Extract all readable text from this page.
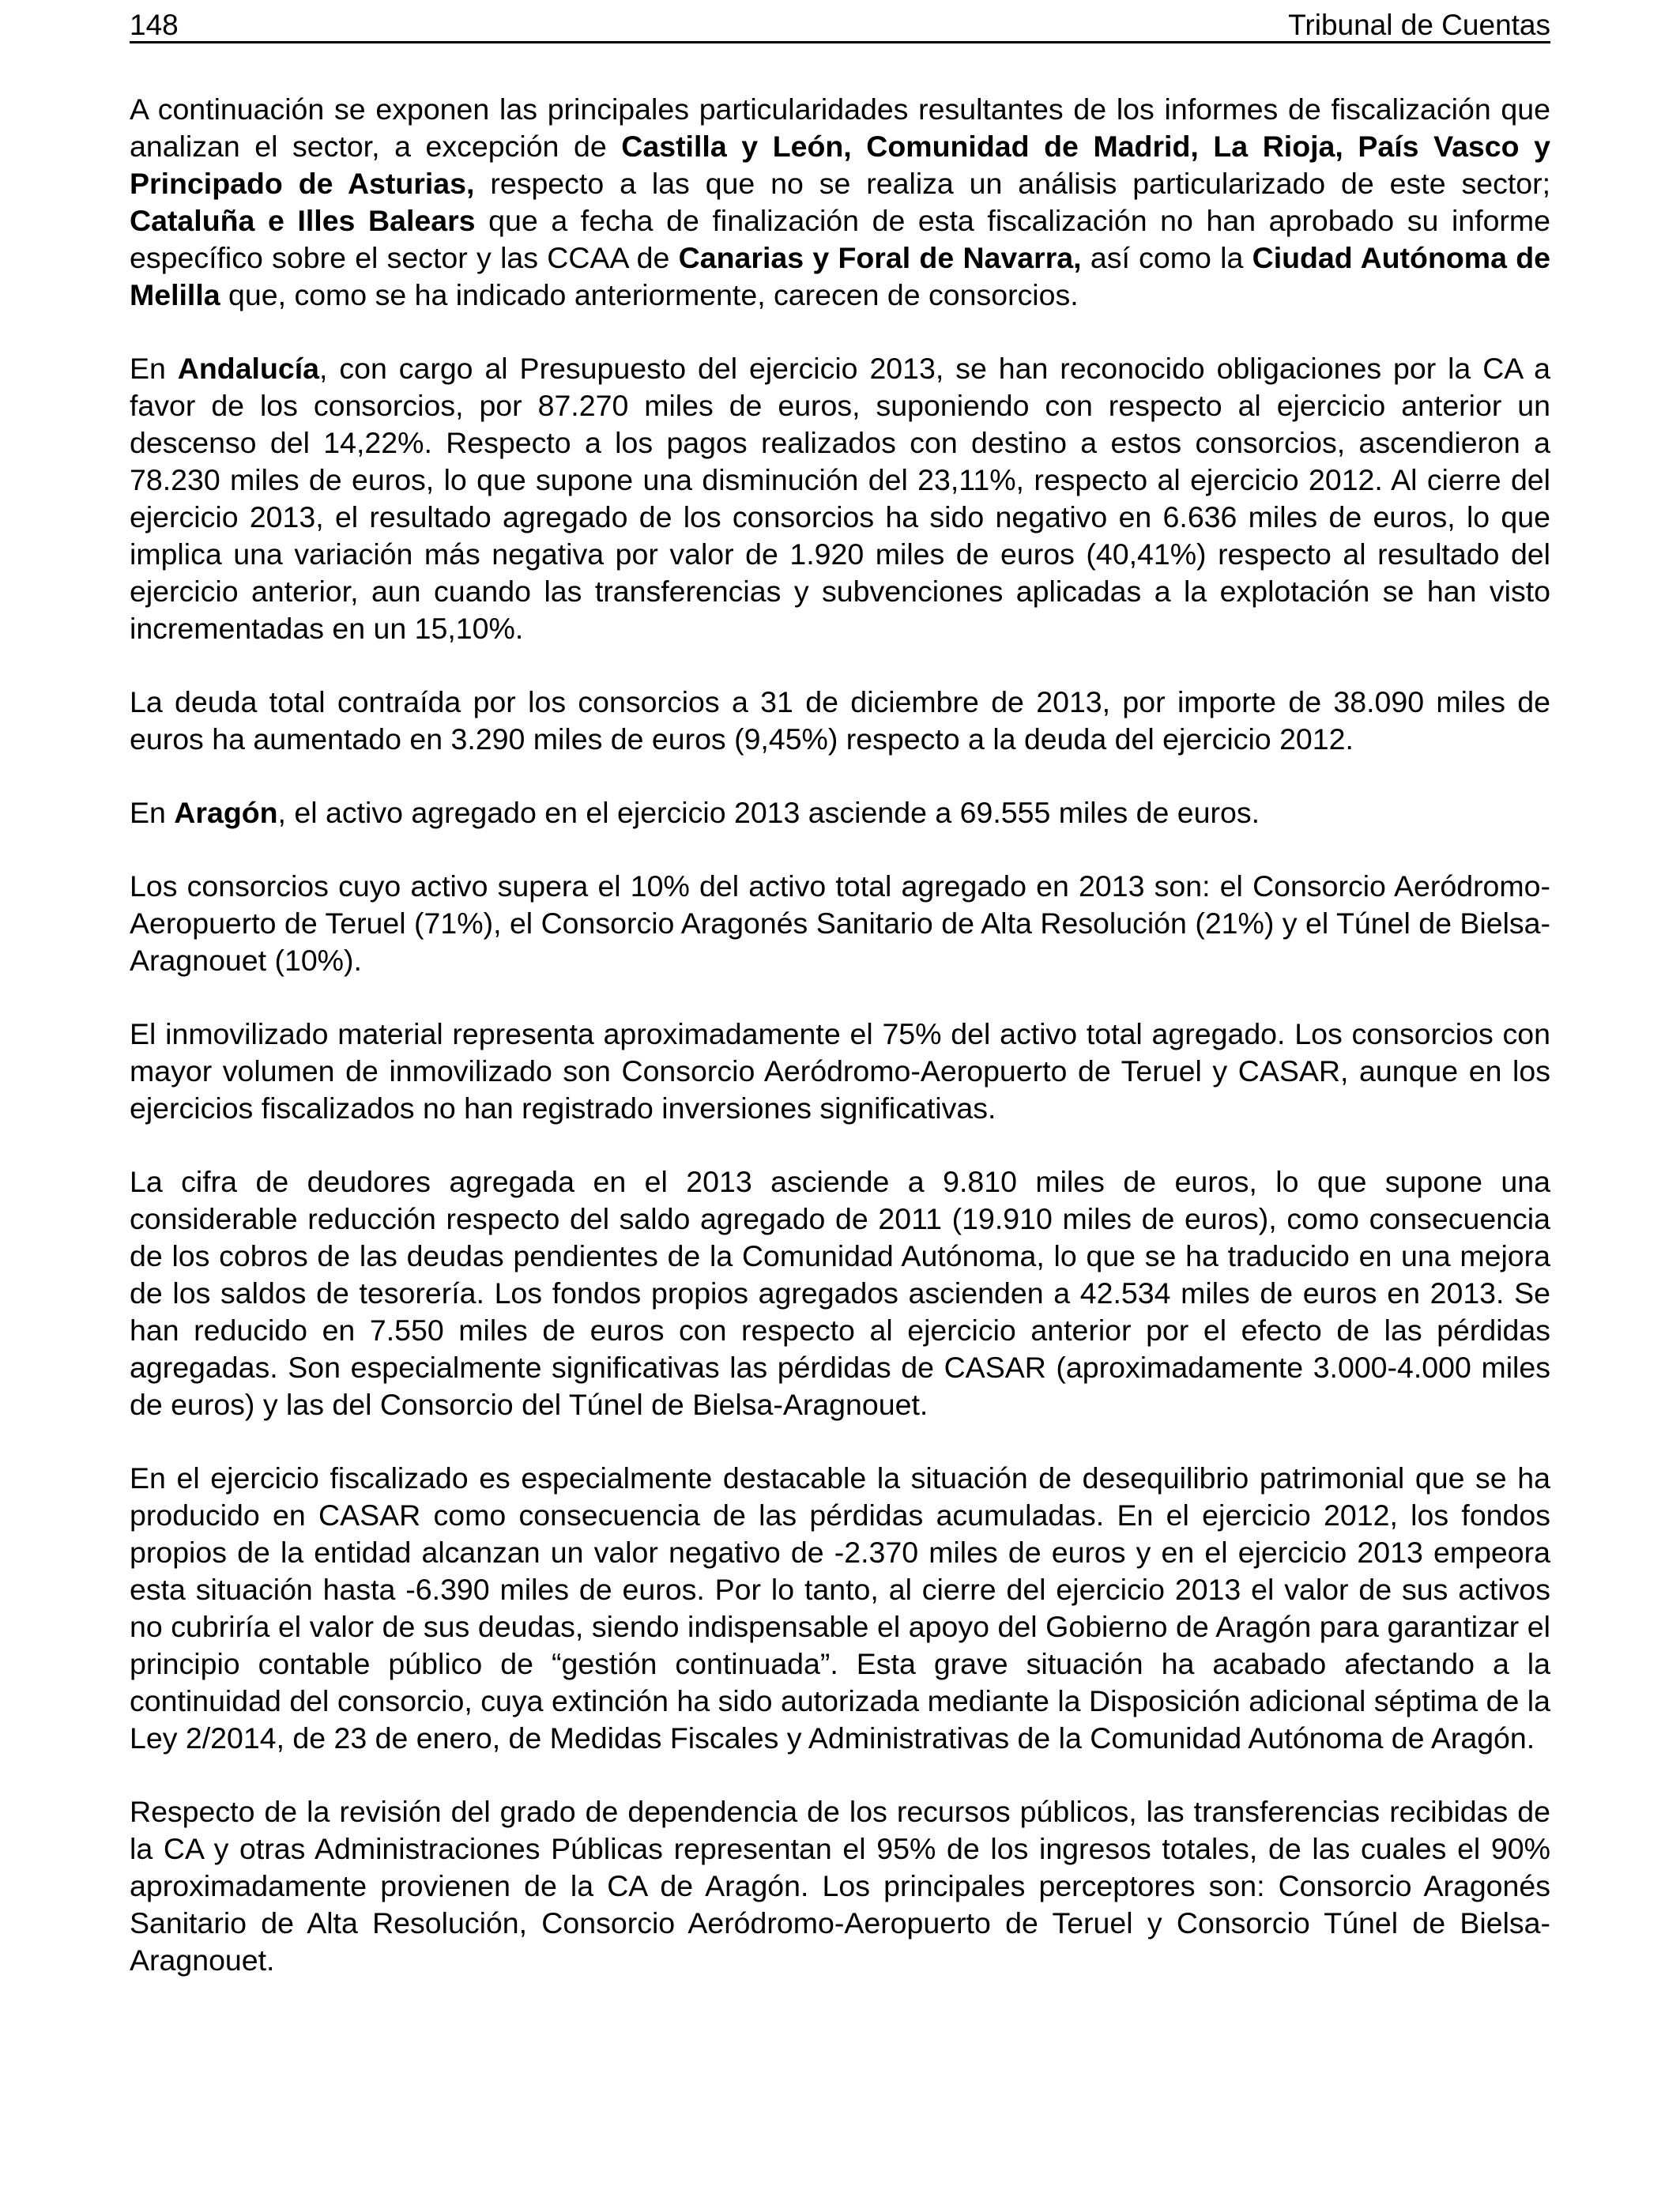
148	Tribunal de Cuentas

A continuación se exponen las principales particularidades resultantes de los informes de fiscalización que analizan el sector, a excepción de Castilla y León, Comunidad de Madrid, La Rioja, País Vasco y Principado de Asturias, respecto a las que no se realiza un análisis particularizado de este sector; Cataluña e Illes Balears que a fecha de finalización de esta fiscalización no han aprobado su informe específico sobre el sector y las CCAA de Canarias y Foral de Navarra, así como la Ciudad Autónoma de Melilla que, como se ha indicado anteriormente, carecen de consorcios.

En Andalucía, con cargo al Presupuesto del ejercicio 2013, se han reconocido obligaciones por la CA a favor de los consorcios, por 87.270 miles de euros, suponiendo con respecto al ejercicio anterior un descenso del 14,22%. Respecto a los pagos realizados con destino a estos consorcios, ascendieron a 78.230 miles de euros, lo que supone una disminución del 23,11%, respecto al ejercicio 2012. Al cierre del ejercicio 2013, el resultado agregado de los consorcios ha sido negativo en 6.636 miles de euros, lo que implica una variación más negativa por valor de 1.920 miles de euros (40,41%) respecto al resultado del ejercicio anterior, aun cuando las transferencias y subvenciones aplicadas a la explotación se han visto incrementadas en un 15,10%.

La deuda total contraída por los consorcios a 31 de diciembre de 2013, por importe de 38.090 miles de euros ha aumentado en 3.290 miles de euros (9,45%) respecto a la deuda del ejercicio 2012.

En Aragón, el activo agregado en el ejercicio 2013 asciende a 69.555 miles de euros.

Los consorcios cuyo activo supera el 10% del activo total agregado en 2013 son: el Consorcio Aeródromo-Aeropuerto de Teruel (71%), el Consorcio Aragonés Sanitario de Alta Resolución (21%) y el Túnel de Bielsa-Aragnouet (10%).

El inmovilizado material representa aproximadamente el 75% del activo total agregado. Los consorcios con mayor volumen de inmovilizado son Consorcio Aeródromo-Aeropuerto de Teruel y CASAR, aunque en los ejercicios fiscalizados no han registrado inversiones significativas.

La cifra de deudores agregada en el 2013 asciende a 9.810 miles de euros, lo que supone una considerable reducción respecto del saldo agregado de 2011 (19.910 miles de euros), como consecuencia de los cobros de las deudas pendientes de la Comunidad Autónoma, lo que se ha traducido en una mejora de los saldos de tesorería. Los fondos propios agregados ascienden a 42.534 miles de euros en 2013. Se han reducido en 7.550 miles de euros con respecto al ejercicio anterior por el efecto de las pérdidas agregadas. Son especialmente significativas las pérdidas de CASAR (aproximadamente 3.000-4.000 miles de euros) y las del Consorcio del Túnel de Bielsa-Aragnouet.

En el ejercicio fiscalizado es especialmente destacable la situación de desequilibrio patrimonial que se ha producido en CASAR como consecuencia de las pérdidas acumuladas. En el ejercicio 2012, los fondos propios de la entidad alcanzan un valor negativo de -2.370 miles de euros y en el ejercicio 2013 empeora esta situación hasta -6.390 miles de euros. Por lo tanto, al cierre del ejercicio 2013 el valor de sus activos no cubriría el valor de sus deudas, siendo indispensable el apoyo del Gobierno de Aragón para garantizar el principio contable público de “gestión continuada”. Esta grave situación ha acabado afectando a la continuidad del consorcio, cuya extinción ha sido autorizada mediante la Disposición adicional séptima de la Ley 2/2014, de 23 de enero, de Medidas Fiscales y Administrativas de la Comunidad Autónoma de Aragón.

Respecto de la revisión del grado de dependencia de los recursos públicos, las transferencias recibidas de la CA y otras Administraciones Públicas representan el 95% de los ingresos totales, de las cuales el 90% aproximadamente provienen de la CA de Aragón. Los principales perceptores son: Consorcio Aragonés Sanitario de Alta Resolución, Consorcio Aeródromo-Aeropuerto de Teruel y Consorcio Túnel de Bielsa-Aragnouet.
